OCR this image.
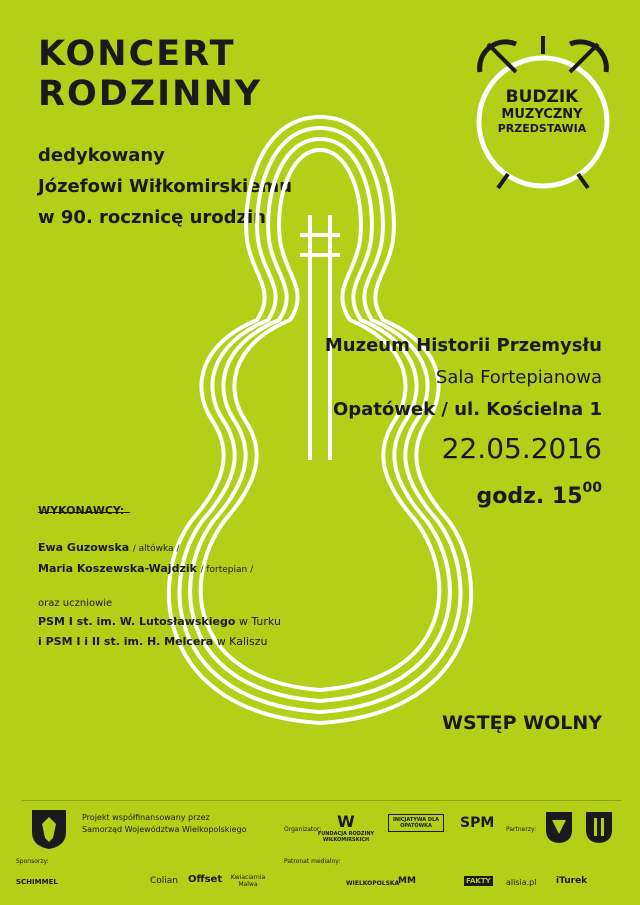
KONCERT
RODZINNY
dedykowany
Józefowi Wiłkomirskiemu
w 90. rocznicę urodzin
BUDZIK
MUZYCZNY
PRZEDSTAWIA
Muzeum Historii Przemysłu
Sala Fortepianowa
Opatówek / ul. Kościelna 1
22.05.2016
godz. $15^{00}$
WYKONAWCY:
Ewa Guzowska / altówka /
Maria Koszewska-Wajdzik / fortepian /
oraz uczniowie
PSM I st. im. W. Lutosławskiego w Turku
i PSM I i II st. im. H. Melcera w Kaliszu
WSTĘP WOLNY
Projekt współfinansowany przez
Samorząd Województwa Wielkopolskiego	Organizator: W
FUNDACJA RODZINY WIŁKOMIRSKICH
INICJATYWA DLA OPATÓWKA	SPM Partnerzy:
Sponsorzy:
SCHIMMEL	Colian Offset Kwiaciarnia Malwa
Patronat medialny:
WIELKOPOLSKA
MM	FAKTY alisia.pl iTurek
